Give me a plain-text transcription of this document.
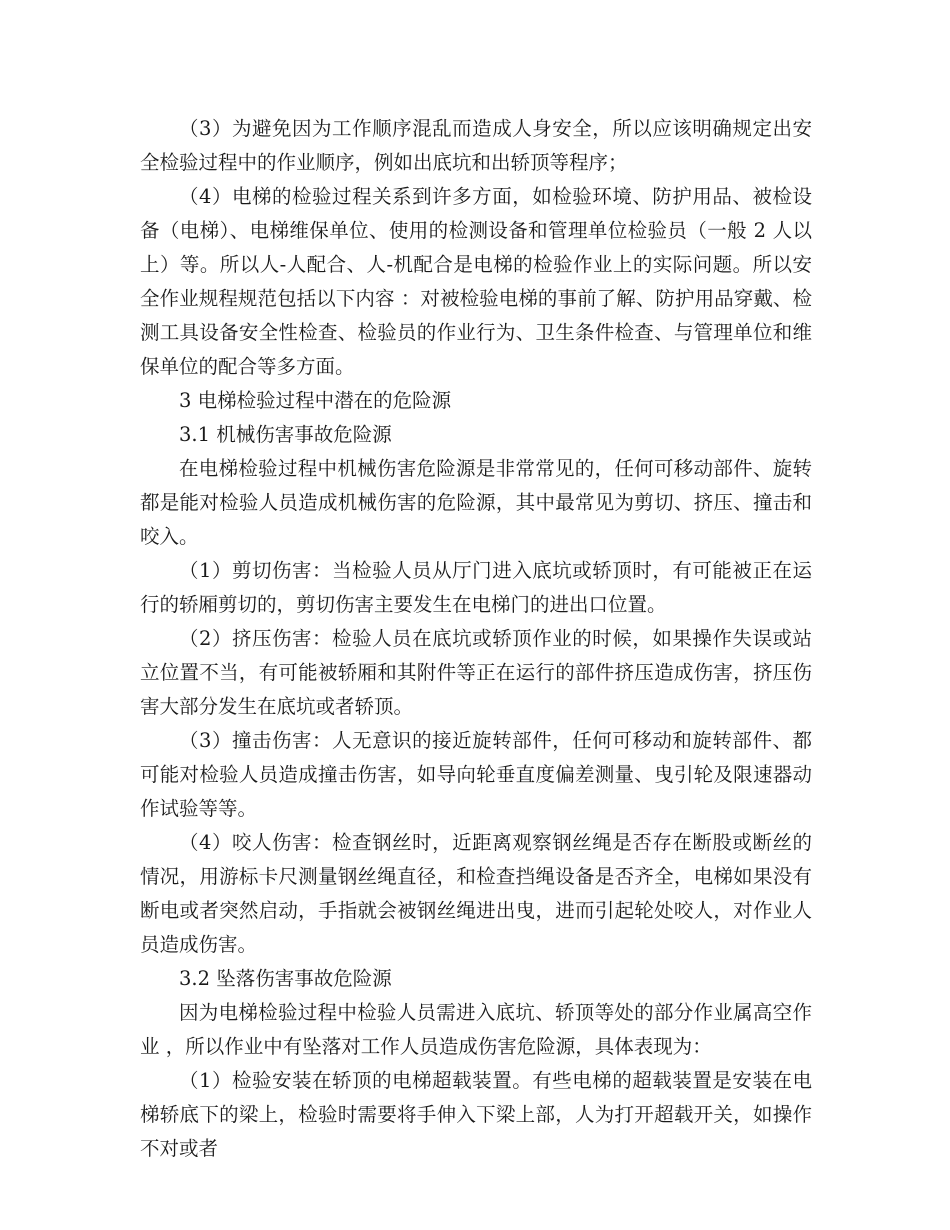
（3）为避免因为工作顺序混乱而造成人身安全，所以应该明确规定出安全检验过程中的作业顺序，例如出底坑和出轿顶等程序；

（4）电梯的检验过程关系到许多方面，如检验环境、防护用品、被检设备（电梯）、电梯维保单位、使用的检测设备和管理单位检验员（一般 2 人以上）等。所以人-人配合、人-机配合是电梯的检验作业上的实际问题。所以安全作业规程规范包括以下内容 ：对被检验电梯的事前了解、防护用品穿戴、检测工具设备安全性检查、检验员的作业行为、卫生条件检查、与管理单位和维保单位的配合等多方面。

3 电梯检验过程中潜在的危险源

3.1 机械伤害事故危险源

在电梯检验过程中机械伤害危险源是非常常见的，任何可移动部件、旋转都是能对检验人员造成机械伤害的危险源，其中最常见为剪切、挤压、撞击和咬入。

（1）剪切伤害：当检验人员从厅门进入底坑或轿顶时，有可能被正在运行的轿厢剪切的，剪切伤害主要发生在电梯门的进出口位置。

（2）挤压伤害：检验人员在底坑或轿顶作业的时候，如果操作失误或站立位置不当，有可能被轿厢和其附件等正在运行的部件挤压造成伤害，挤压伤害大部分发生在底坑或者轿顶。

（3）撞击伤害：人无意识的接近旋转部件，任何可移动和旋转部件、都可能对检验人员造成撞击伤害，如导向轮垂直度偏差测量、曳引轮及限速器动作试验等等。

（4）咬人伤害：检查钢丝时，近距离观察钢丝绳是否存在断股或断丝的情况，用游标卡尺测量钢丝绳直径，和检查挡绳设备是否齐全，电梯如果没有断电或者突然启动，手指就会被钢丝绳进出曳，进而引起轮处咬人，对作业人员造成伤害。

3.2 坠落伤害事故危险源

因为电梯检验过程中检验人员需进入底坑、轿顶等处的部分作业属高空作业 ，所以作业中有坠落对工作人员造成伤害危险源，具体表现为：

（1）检验安装在轿顶的电梯超载装置。有些电梯的超载装置是安装在电梯轿底下的梁上，检验时需要将手伸入下梁上部，人为打开超载开关，如操作不对或者
